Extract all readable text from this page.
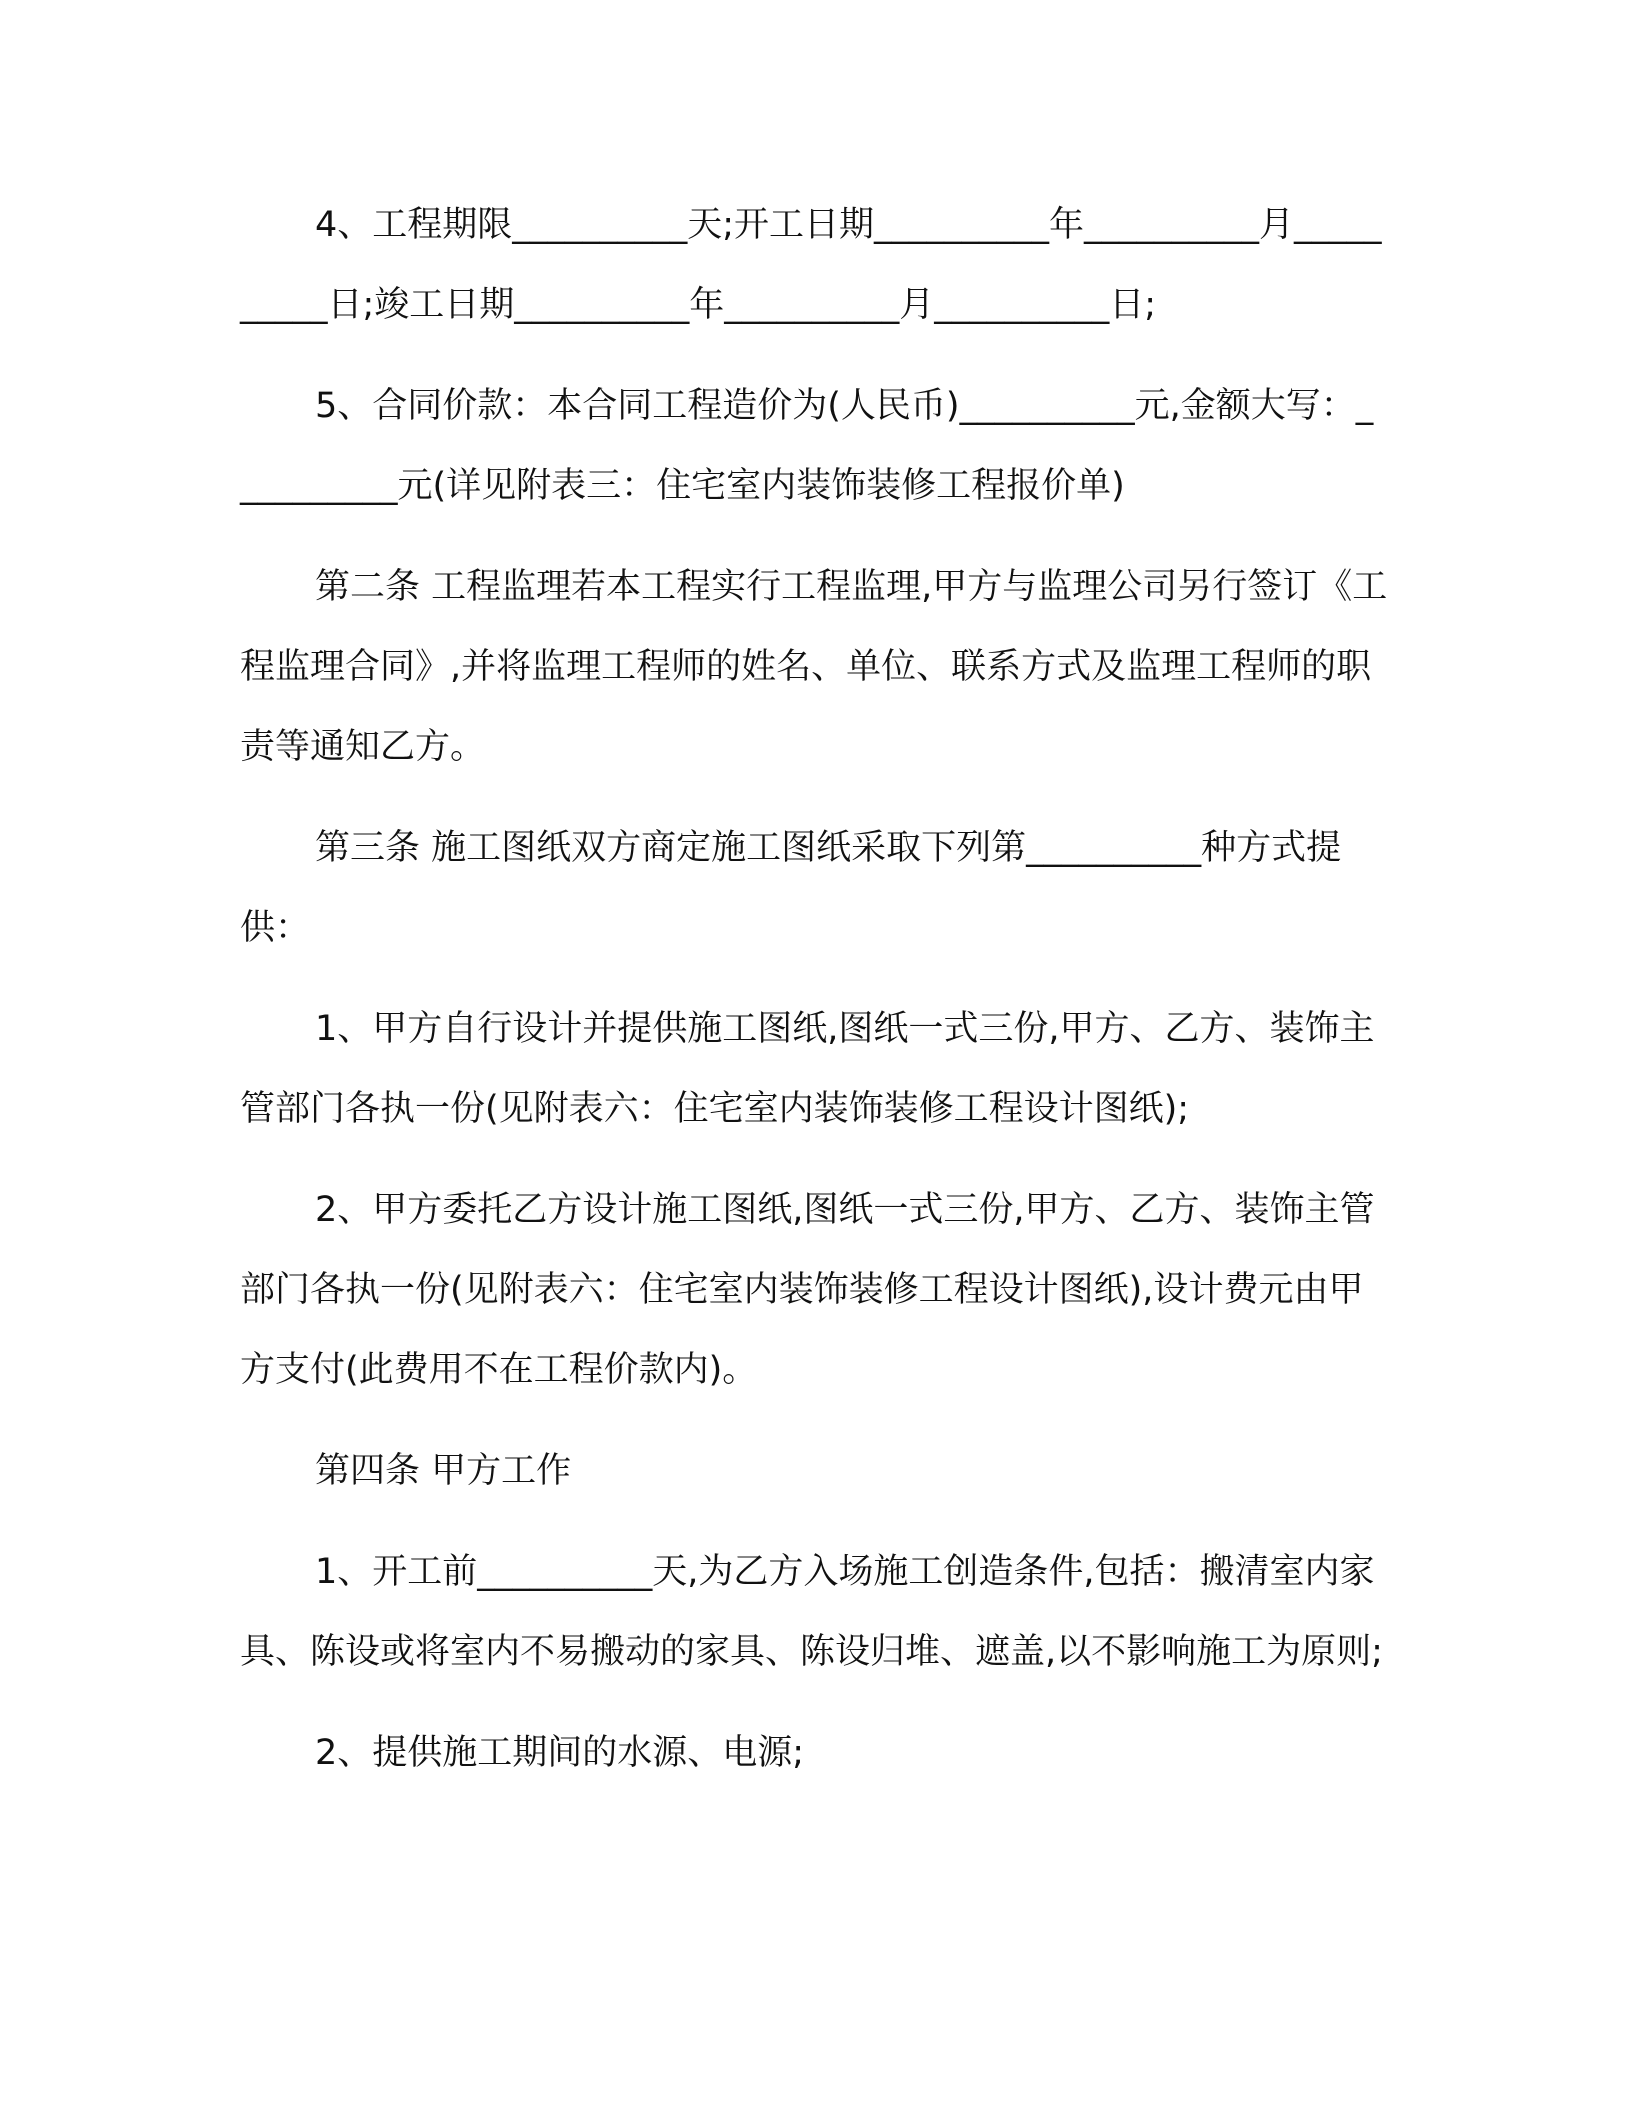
4、工程期限__________天;开工日期__________年__________月__________日;竣工日期__________年__________月__________日;

5、合同价款：本合同工程造价为(人民币)__________元,金额大写：__________元(详见附表三：住宅室内装饰装修工程报价单)

第二条 工程监理若本工程实行工程监理,甲方与监理公司另行签订《工程监理合同》,并将监理工程师的姓名、单位、联系方式及监理工程师的职责等通知乙方。

第三条 施工图纸双方商定施工图纸采取下列第__________种方式提供：

1、甲方自行设计并提供施工图纸,图纸一式三份,甲方、乙方、装饰主管部门各执一份(见附表六：住宅室内装饰装修工程设计图纸);

2、甲方委托乙方设计施工图纸,图纸一式三份,甲方、乙方、装饰主管部门各执一份(见附表六：住宅室内装饰装修工程设计图纸),设计费元由甲方支付(此费用不在工程价款内)。

第四条 甲方工作

1、开工前__________天,为乙方入场施工创造条件,包括：搬清室内家具、陈设或将室内不易搬动的家具、陈设归堆、遮盖,以不影响施工为原则;

2、提供施工期间的水源、电源;
